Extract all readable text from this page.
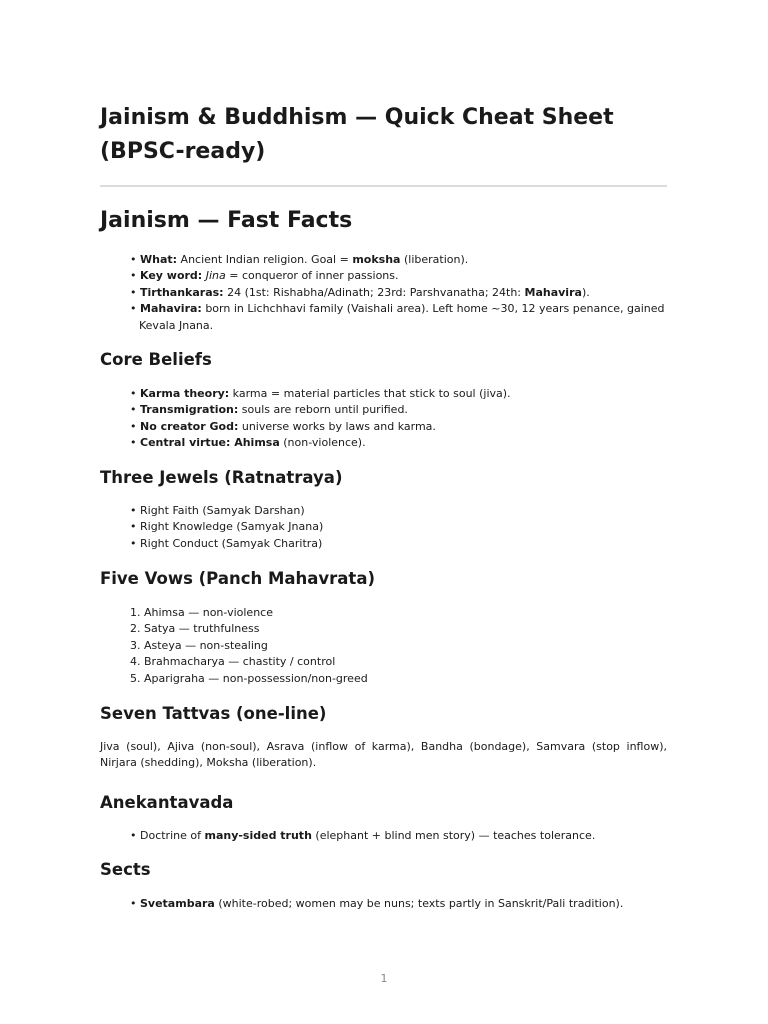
Jainism & Buddhism — Quick Cheat Sheet (BPSC-ready)
Jainism — Fast Facts
• What: Ancient Indian religion. Goal = moksha (liberation).
• Key word: Jina = conqueror of inner passions.
• Tirthankaras: 24 (1st: Rishabha/Adinath; 23rd: Parshvanatha; 24th: Mahavira).
• Mahavira: born in Lichchhavi family (Vaishali area). Left home ~30, 12 years penance, gained
Kevala Jnana.
Core Beliefs
• Karma theory: karma = material particles that stick to soul (jiva).
• Transmigration: souls are reborn until purified.
• No creator God: universe works by laws and karma.
• Central virtue: Ahimsa (non-violence).
Three Jewels (Ratnatraya)
• Right Faith (Samyak Darshan)
• Right Knowledge (Samyak Jnana)
• Right Conduct (Samyak Charitra)
Five Vows (Panch Mahavrata)
1. Ahimsa — non-violence
2. Satya — truthfulness
3. Asteya — non-stealing
4. Brahmacharya — chastity / control
5. Aparigraha — non-possession/non-greed
Seven Tattvas (one-line)

Jiva (soul), Ajiva (non-soul), Asrava (inflow of karma), Bandha (bondage), Samvara (stop inflow), Nirjara (shedding), Moksha (liberation).

Anekantavada
• Doctrine of many-sided truth (elephant + blind men story) — teaches tolerance.
Sects
• Svetambara (white-robed; women may be nuns; texts partly in Sanskrit/Pali tradition).
1
